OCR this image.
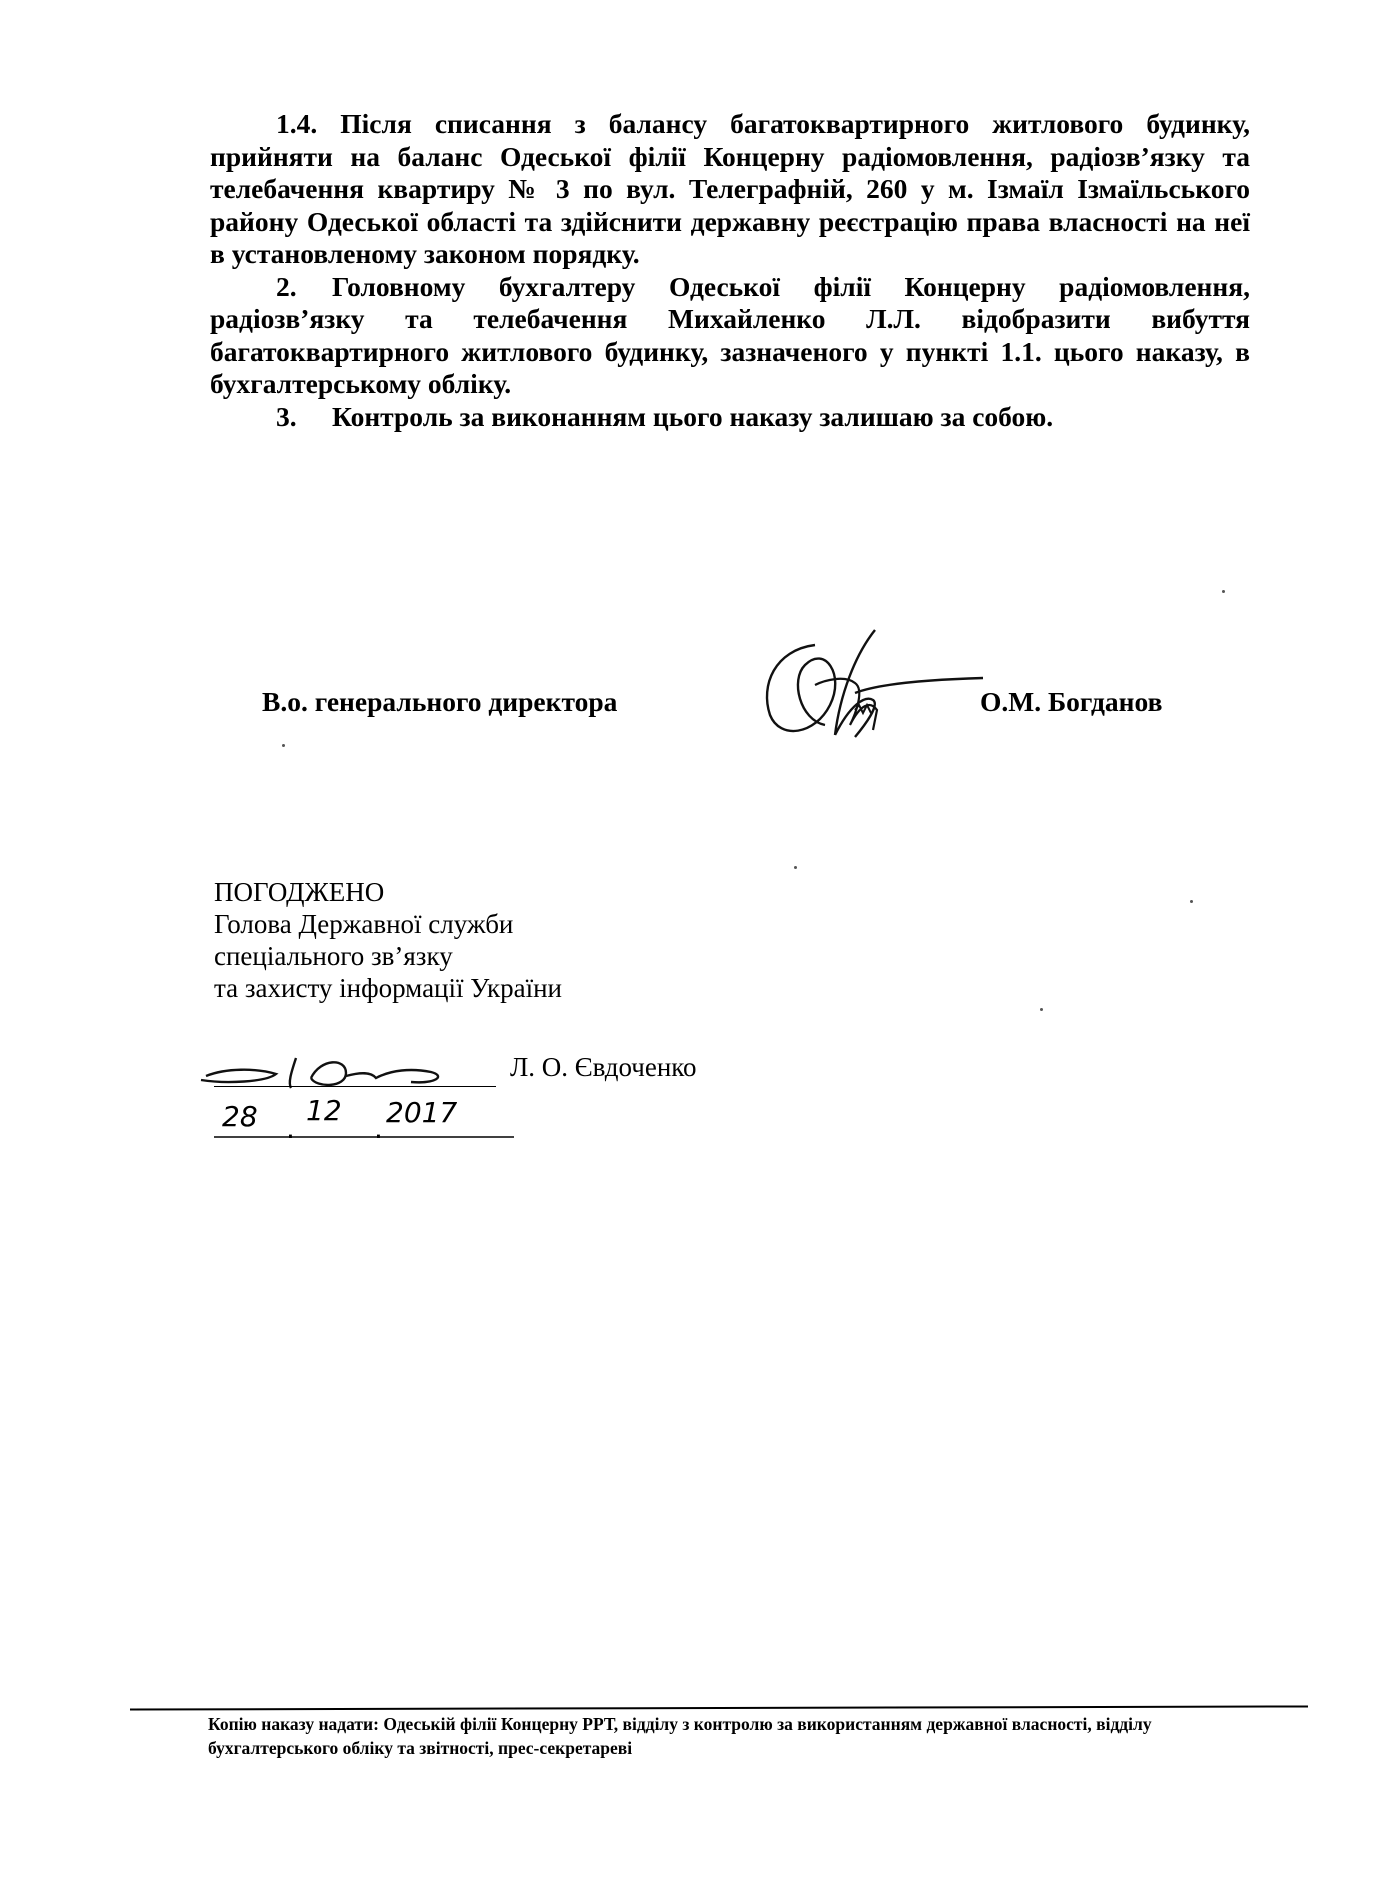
1.4. Після списання з балансу багатоквартирного житлового будинку, прийняти на баланс Одеської філії Концерну радіомовлення, радіозв’язку та телебачення квартиру № 3 по вул. Телеграфній, 260 у м. Ізмаїл Ізмаїльського району Одеської області та здійснити державну реєстрацію права власності на неї в установленому законом порядку.

2. Головному бухгалтеру Одеської філії Концерну радіомовлення, радіозв’язку та телебачення Михайленко Л.Л. відобразити вибуття багатоквартирного житлового будинку, зазначеного у пункті 1.1. цього наказу, в бухгалтерському обліку.

3. Контроль за виконанням цього наказу залишаю за собою.

В.о. генерального директора	О.М. Богданов

ПОГОДЖЕНО

Голова Державної служби

спеціального зв’язку

та захисту інформації України

Л. О. Євдоченко
28 .
12
. 2017
Копію наказу надати: Одеській філії Концерну РРТ, відділу з контролю за використанням державної власності, відділу бухгалтерського обліку та звітності, прес-секретареві
